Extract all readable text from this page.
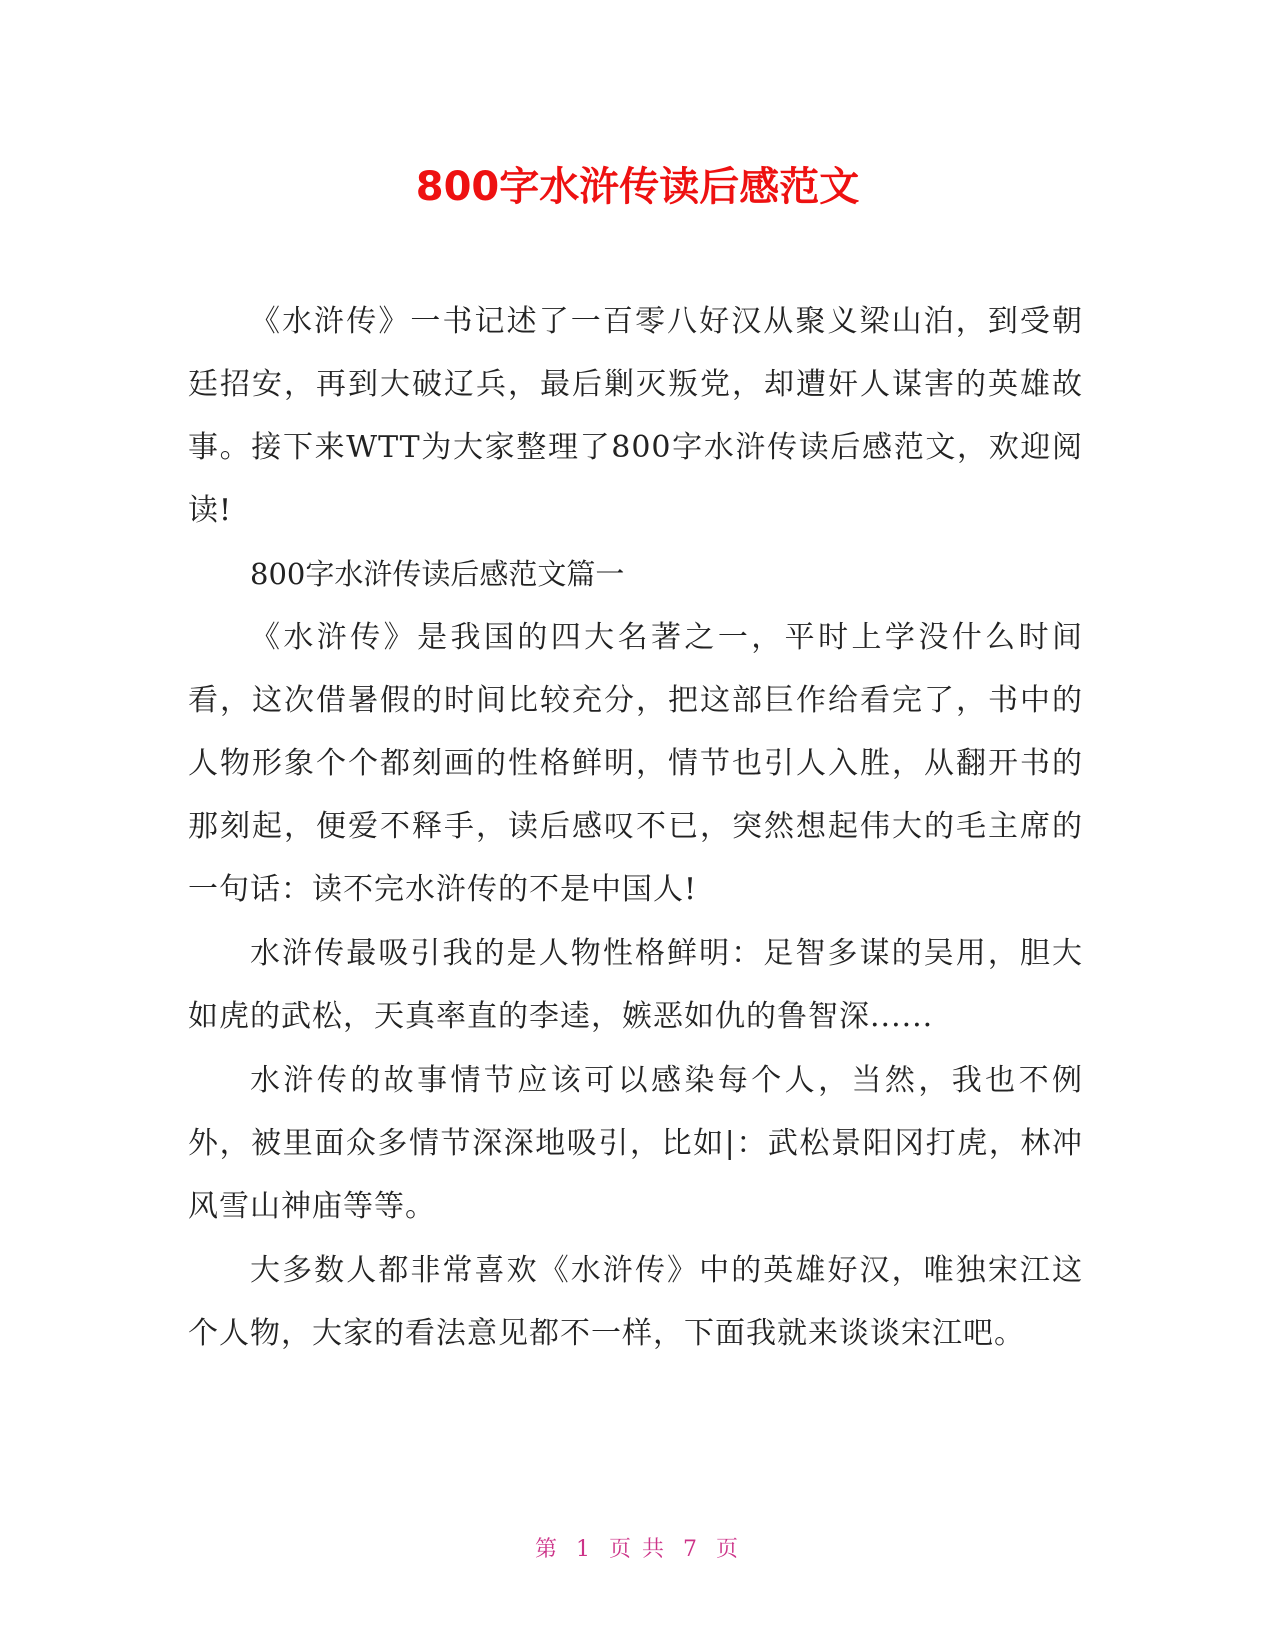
800字水浒传读后感范文

《水浒传》一书记述了一百零八好汉从聚义梁山泊，到受朝廷招安，再到大破辽兵，最后剿灭叛党，却遭奸人谋害的英雄故事。接下来WTT为大家整理了800字水浒传读后感范文，欢迎阅读!

800字水浒传读后感范文篇一

《水浒传》是我国的四大名著之一，平时上学没什么时间看，这次借暑假的时间比较充分，把这部巨作给看完了，书中的人物形象个个都刻画的性格鲜明，情节也引人入胜，从翻开书的那刻起，便爱不释手，读后感叹不已，突然想起伟大的毛主席的一句话：读不完水浒传的不是中国人!

水浒传最吸引我的是人物性格鲜明：足智多谋的吴用，胆大如虎的武松，天真率直的李逵，嫉恶如仇的鲁智深......

水浒传的故事情节应该可以感染每个人，当然，我也不例外，被里面众多情节深深地吸引，比如|：武松景阳冈打虎，林冲风雪山神庙等等。

大多数人都非常喜欢《水浒传》中的英雄好汉，唯独宋江这个人物，大家的看法意见都不一样，下面我就来谈谈宋江吧。

第 1 页 共 7 页
